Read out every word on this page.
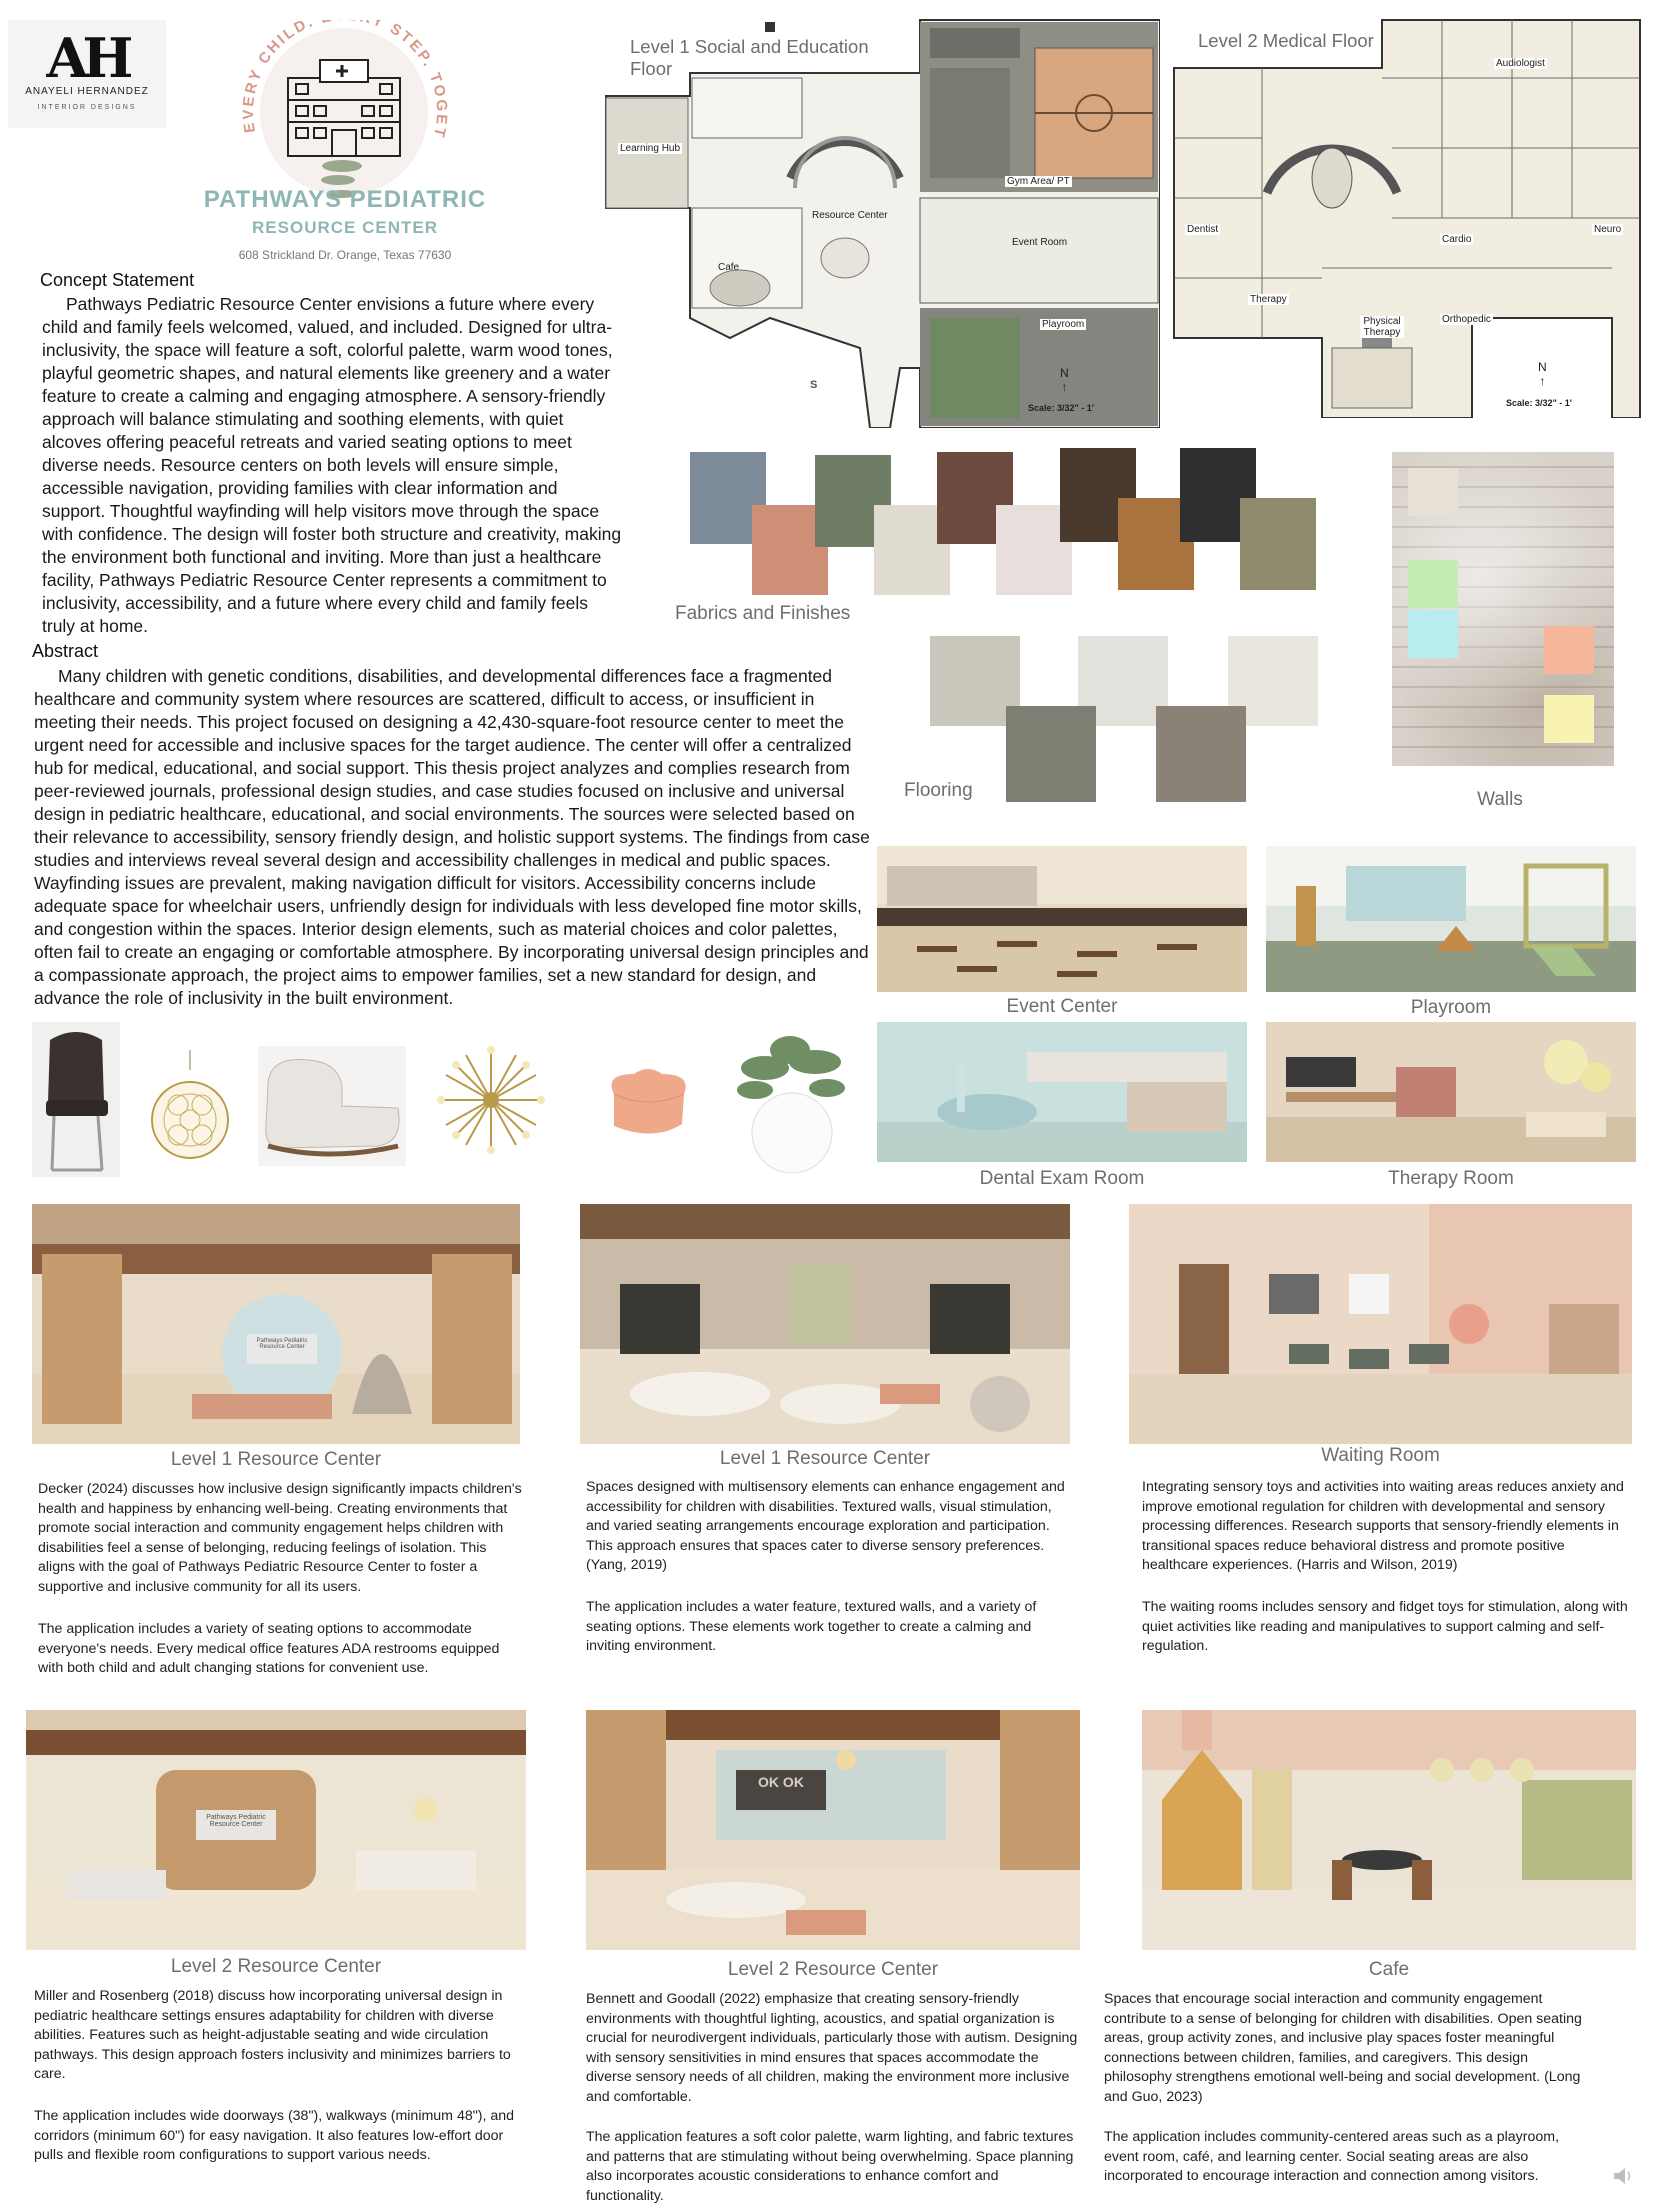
AH
ANAYELI HERNANDEZ
INTERIOR DESIGNS
EVERY CHILD. Y STEP. TOGET
PATHWAYS PEDIATRIC
RESOURCE CENTER
608 Strickland Dr. Orange, Texas 77630
Concept Statement
Pathways Pediatric Resource Center envisions a future where every child and family feels welcomed, valued, and included. Designed for ultra-inclusivity, the space will feature a soft, colorful palette, warm wood tones, playful geometric shapes, and natural elements like greenery and a water feature to create a calming and engaging atmosphere. A sensory-friendly approach will balance stimulating and soothing elements, with quiet alcoves offering peaceful retreats and varied seating options to meet diverse needs. Resource centers on both levels will ensure simple, accessible navigation, providing families with clear information and support. Thoughtful wayfinding will help visitors move through the space with confidence. The design will foster both structure and creativity, making the environment both functional and inviting. More than just a healthcare facility, Pathways Pediatric Resource Center represents a commitment to inclusivity, accessibility, and a future where every child and family feels truly at home.
Abstract
Many children with genetic conditions, disabilities, and developmental differences face a fragmented healthcare and community system where resources are scattered, difficult to access, or insufficient in meeting their needs. This project focused on designing a 42,430-square-foot resource center to meet the urgent need for accessible and inclusive spaces for the target audience. The center will offer a centralized hub for medical, educational, and social support. This thesis project analyzes and complies research from peer-reviewed journals, professional design studies, and case studies focused on inclusive and universal design in pediatric healthcare, educational, and social environments. The sources were selected based on their relevance to accessibility, sensory friendly design, and holistic support systems. The findings from case studies and interviews reveal several design and accessibility challenges in medical and public spaces. Wayfinding issues are prevalent, making navigation difficult for visitors. Accessibility concerns include adequate space for wheelchair users, unfriendly design for individuals with less developed fine motor skills, and congestion within the spaces. Interior design elements, such as material choices and color palettes, often fail to create an engaging or comfortable atmosphere. By incorporating universal design principles and a compassionate approach, the project aims to empower families, set a new standard for design, and advance the role of inclusivity in the built environment.
Level 1 Social and Education Floor
S
Learning Hub
Gym Area/ PT
Resource Center
Event Room
Cafe
Playroom
N
↑
Scale: 3/32" - 1'
Level 2 Medical Floor
Audiologist
Dentist
Cardio
Neuro
Therapy
Physical Therapy
Orthopedic
N
↑
Scale: 3/32" - 1'
Fabrics and Finishes
Walls
Flooring
Event Center	Playroom
Dental Exam Room	Therapy Room
Pathways Pediatric Resource Center
Level 1 Resource Center
Decker (2024) discusses how inclusive design significantly impacts children's health and happiness by enhancing well-being. Creating environments that promote social interaction and community engagement helps children with disabilities feel a sense of belonging, reducing feelings of isolation. This aligns with the goal of Pathways Pediatric Resource Center to foster a supportive and inclusive community for all its users.
The application includes a variety of seating options to accommodate everyone's needs. Every medical office features ADA restrooms equipped with both child and adult changing stations for convenient use.
Level 1 Resource Center
Spaces designed with multisensory elements can enhance engagement and accessibility for children with disabilities. Textured walls, visual stimulation, and varied seating arrangements encourage exploration and participation. This approach ensures that spaces cater to diverse sensory preferences. (Yang, 2019)
The application includes a water feature, textured walls, and a variety of seating options. These elements work together to create a calming and inviting environment.
Waiting Room
Integrating sensory toys and activities into waiting areas reduces anxiety and improve emotional regulation for children with developmental and sensory processing differences. Research supports that sensory-friendly elements in transitional spaces reduce behavioral distress and promote positive healthcare experiences. (Harris and Wilson, 2019)
The waiting rooms includes sensory and fidget toys for stimulation, along with quiet activities like reading and manipulatives to support calming and self-regulation.
Pathways Pediatric Resource Center
Level 2 Resource Center
Miller and Rosenberg (2018) discuss how incorporating universal design in pediatric healthcare settings ensures adaptability for children with diverse abilities. Features such as height-adjustable seating and wide circulation pathways. This design approach fosters inclusivity and minimizes barriers to care.
The application includes wide doorways (38"), walkways (minimum 48"), and corridors (minimum 60") for easy navigation. It also features low-effort door pulls and flexible room configurations to support various needs.
OK OK
Level 2 Resource Center
Bennett and Goodall (2022) emphasize that creating sensory-friendly environments with thoughtful lighting, acoustics, and spatial organization is crucial for neurodivergent individuals, particularly those with autism. Designing with sensory sensitivities in mind ensures that spaces accommodate the diverse sensory needs of all children, making the environment more inclusive and comfortable.
The application features a soft color palette, warm lighting, and fabric textures and patterns that are stimulating without being overwhelming. Space planning also incorporates acoustic considerations to enhance comfort and functionality.
Cafe
Spaces that encourage social interaction and community engagement contribute to a sense of belonging for children with disabilities. Open seating areas, group activity zones, and inclusive play spaces foster meaningful connections between children, families, and caregivers. This design philosophy strengthens emotional well-being and social development. (Long and Guo, 2023)
The application includes community-centered areas such as a playroom, event room, café, and learning center. Social seating areas are also incorporated to encourage interaction and connection among visitors.
